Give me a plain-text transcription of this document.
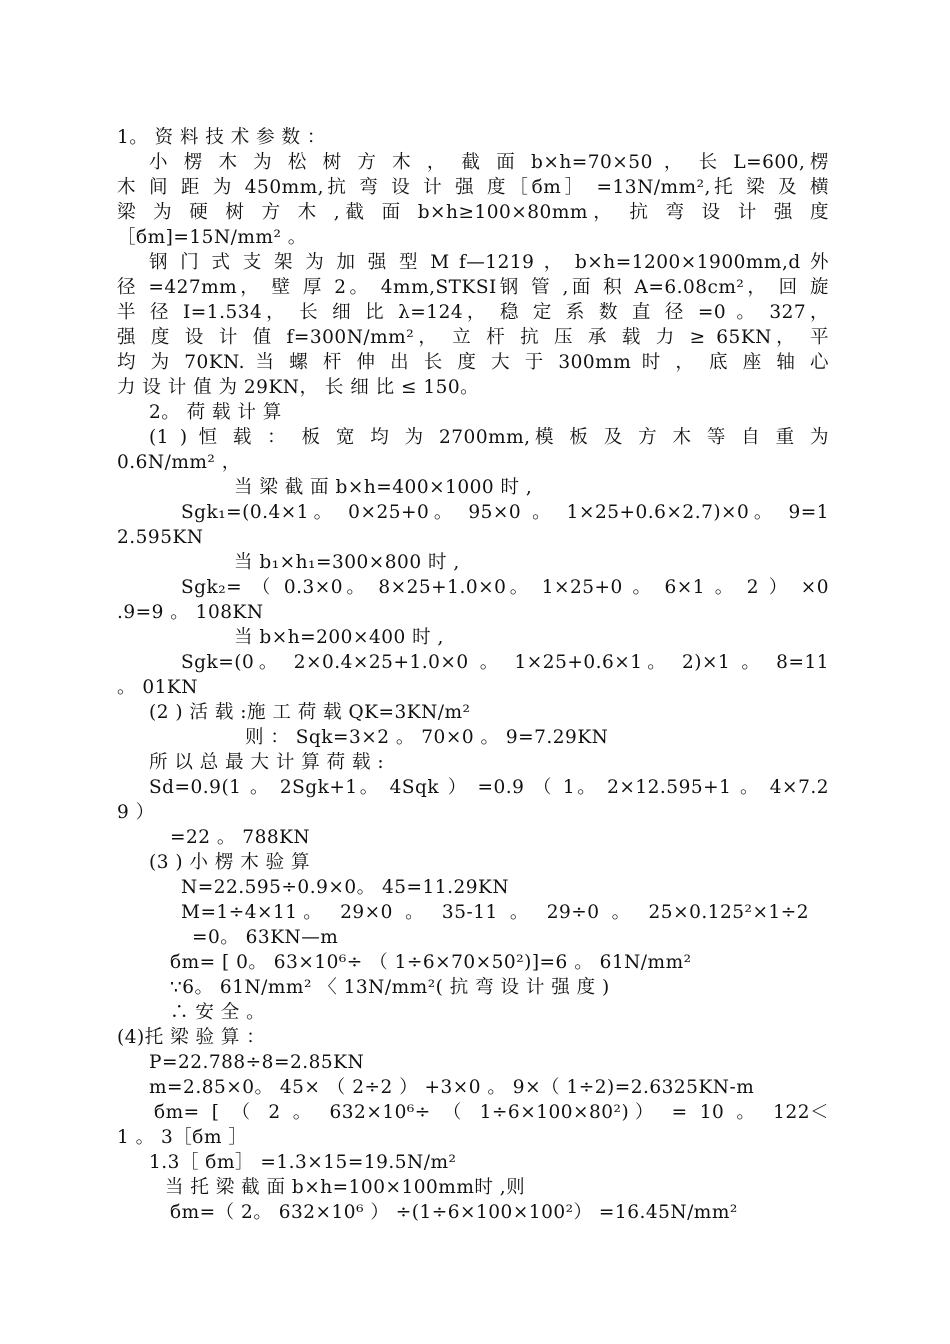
1。 资 料 技 术 参 数 ：
小 楞 木 为 松 树 方 木 ， 截 面 b×h=70×50 ， 长 L=600,楞
木 间 距 为 450mm,抗 弯 设 计 强 度［бm］ =13N/mm²,托 梁 及 横
梁 为 硬 树 方 木 ,截 面 b×h≥100×80mm， 抗 弯 设 计 强 度
［бm]=15N/mm² 。
钢 门 式 支 架 为 加 强 型 M f—1219 ， b×h=1200×1900mm,d 外
径 =427mm， 壁 厚 2。 4mm,STKSI钢 管 ,面 积 A=6.08cm²， 回 旋
半 径 I=1.534， 长 细 比 λ=124， 稳 定 系 数 直 径 =0 。 327，
强 度 设 计 值 f=300N/mm²， 立 杆 抗 压 承 载 力 ≥ 65KN， 平
均 为 70KN. 当 螺 杆 伸 出 长 度 大 于 300mm 时 ， 底 座 轴 心
力 设 计 值 为 29KN， 长 细 比 ≤ 150。
2。 荷 载 计 算
(1 ) 恒 载 ： 板 宽 均 为 2700mm,模 板 及 方 木 等 自 重 为
0.6N/mm² ，
当 梁 截 面 b×h=400×1000 时 ,
Sgk₁=(0.4×1。 0×25+0。 95×0 。 1×25+0.6×2.7)×0。 9=1
2.595KN
当 b₁×h₁=300×800 时 ,
Sgk₂= （ 0.3×0。 8×25+1.0×0。 1×25+0 。 6×1 。 2 ） ×0
.9=9 。 108KN
当 b×h=200×400 时 ,
Sgk=(0。 2×0.4×25+1.0×0 。 1×25+0.6×1。 2)×1 。 8=11
。 01KN
(2 ) 活 载 :施 工 荷 载 QK=3KN/m²
则 ： Sqk=3×2 。 70×0 。 9=7.29KN
所 以 总 最 大 计 算 荷 载 :
Sd=0.9(1 。 2Sgk+1。 4Sqk ） =0.9 （ 1。 2×12.595+1 。 4×7.2
9 ）
=22 。 788KN
(3 ) 小 楞 木 验 算
N=22.595÷0.9×0。 45=11.29KN
M=1÷4×11。 29×0 。 35-11 。 29÷0 。 25×0.125²×1÷2
=0。 63KN—m
бm= [ 0。 63×10⁶÷ （ 1÷6×70×50²)]=6 。 61N/mm²
∵6。 61N/mm² 〈 13N/mm²( 抗 弯 设 计 强 度 )
∴ 安 全 。
(4)托 梁 验 算 ：
P=22.788÷8=2.85KN
m=2.85×0。 45× （ 2÷2 ） +3×0 。 9×（ 1÷2)=2.6325KN-m
бm= [ （ 2 。 632×10⁶÷ （ 1÷6×100×80²)） = 10 。 122＜
1 。 3［бm ］
1.3［ бm］ =1.3×15=19.5N/m²
当 托 梁 截 面 b×h=100×100mm时 ,则
бm=（ 2。 632×10⁶ ） ÷(1÷6×100×100²） =16.45N/mm²
